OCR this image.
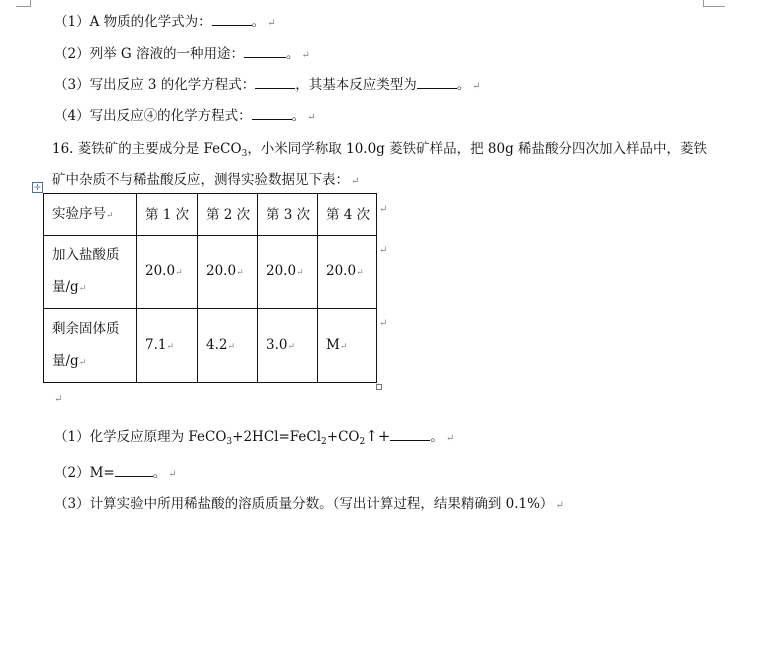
（1）A 物质的化学式为：	。 ↵
（2）列举 G 溶液的一种用途：	。 ↵
（3）写出反应 3 的化学方程式：	，其基本反应类型为	。 ↵
（4）写出反应④的化学方程式：	。 ↵
16. 菱铁矿的主要成分是 FeCO$_3$，小米同学称取 10.0g 菱铁矿样品，把 80g 稀盐酸分四次加入样品中，菱铁
矿中杂质不与稀盐酸反应，测得实验数据见下表： ↵
✛
实验序号↵	第 1 次	第 2 次	第 3 次	第 4 次
加入盐酸质
量/g↵	20.0↵	20.0↵	20.0↵	20.0↵
剩余固体质
量/g↵	7.1↵	4.2↵	3.0↵	M↵
↵
↵
↵
↵
（1）化学反应原理为 $FeCO_3+2HCl=FeCl_2+CO_2↑+$	。 ↵
（2）M=	。 ↵
（3）计算实验中所用稀盐酸的溶质质量分数。（写出计算过程，结果精确到 0.1%） ↵
